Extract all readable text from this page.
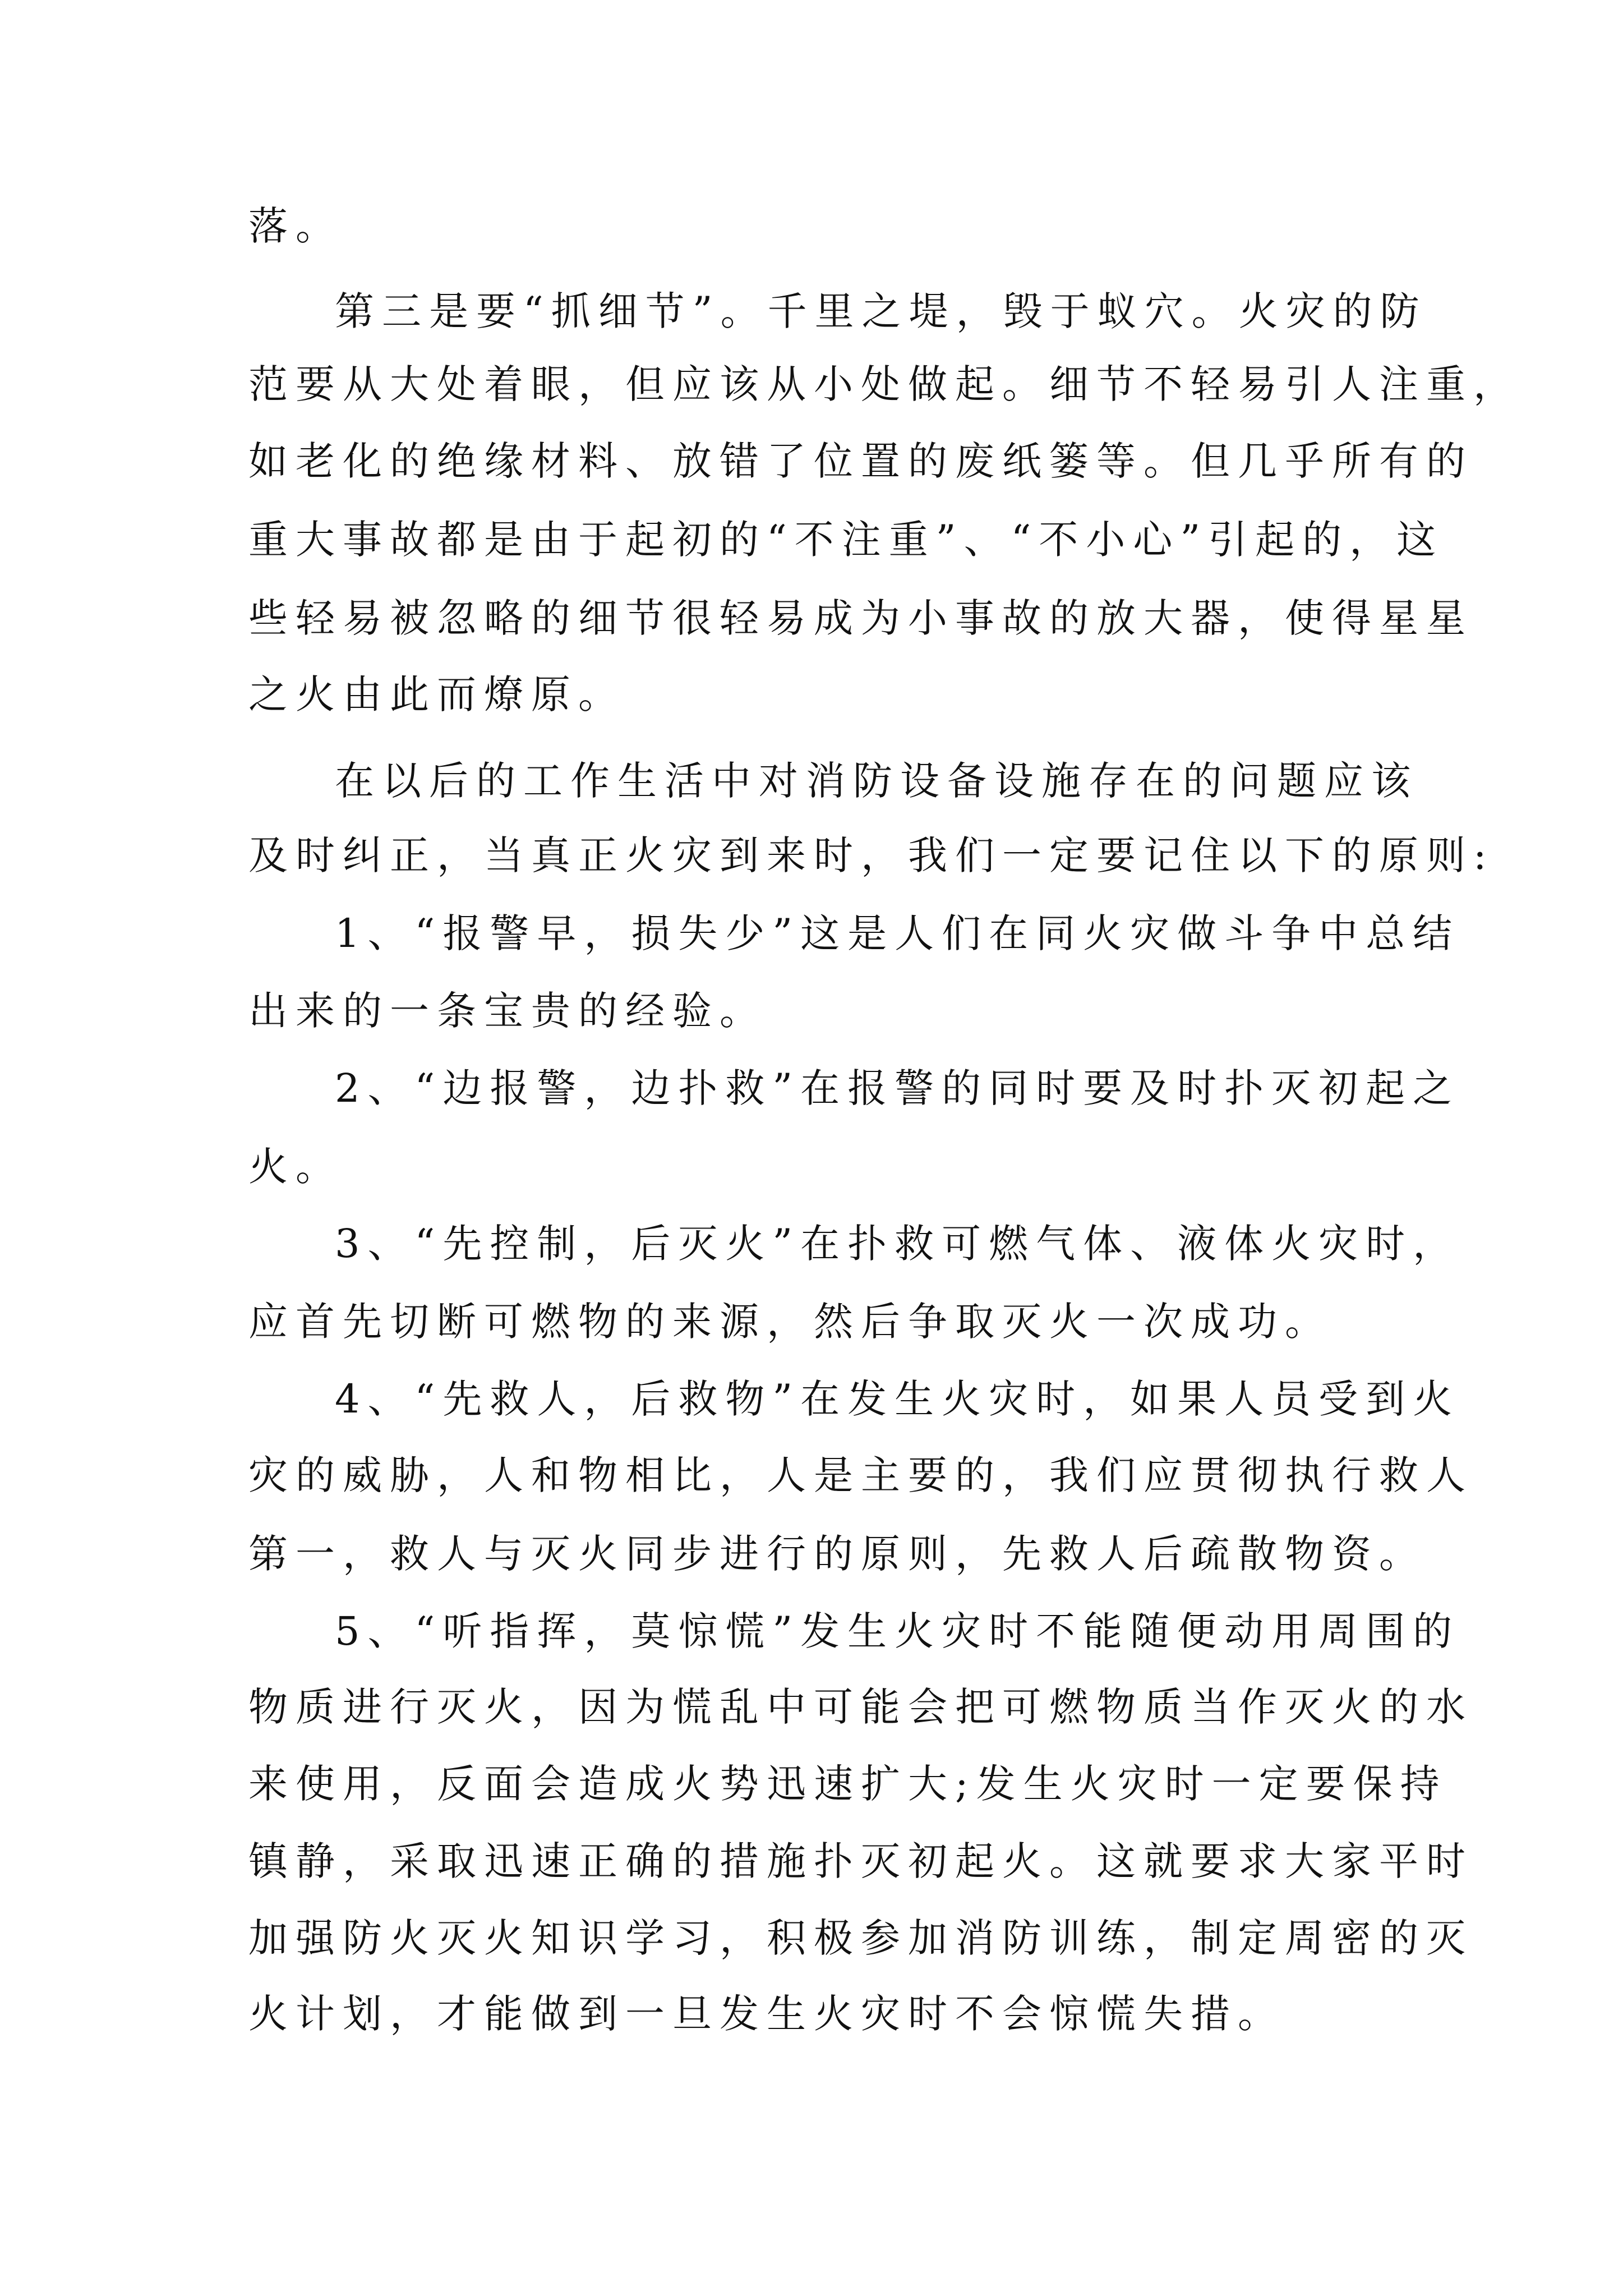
落。
第三是要“抓细节”。千里之堤，毁于蚁穴。火灾的防
范要从大处着眼，但应该从小处做起。细节不轻易引人注重，
如老化的绝缘材料、放错了位置的废纸篓等。但几乎所有的
重大事故都是由于起初的“不注重”、“不小心”引起的，这
些轻易被忽略的细节很轻易成为小事故的放大器，使得星星
之火由此而燎原。
在以后的工作生活中对消防设备设施存在的问题应该
及时纠正，当真正火灾到来时，我们一定要记住以下的原则:
1、“报警早，损失少”这是人们在同火灾做斗争中总结
出来的一条宝贵的经验。
2、“边报警，边扑救”在报警的同时要及时扑灭初起之
火。
3、“先控制，后灭火”在扑救可燃气体、液体火灾时，
应首先切断可燃物的来源，然后争取灭火一次成功。
4、“先救人，后救物”在发生火灾时，如果人员受到火
灾的威胁，人和物相比，人是主要的，我们应贯彻执行救人
第一，救人与灭火同步进行的原则，先救人后疏散物资。
5、“听指挥，莫惊慌”发生火灾时不能随便动用周围的
物质进行灭火，因为慌乱中可能会把可燃物质当作灭火的水
来使用，反面会造成火势迅速扩大;发生火灾时一定要保持
镇静，采取迅速正确的措施扑灭初起火。这就要求大家平时
加强防火灭火知识学习，积极参加消防训练，制定周密的灭
火计划，才能做到一旦发生火灾时不会惊慌失措。
